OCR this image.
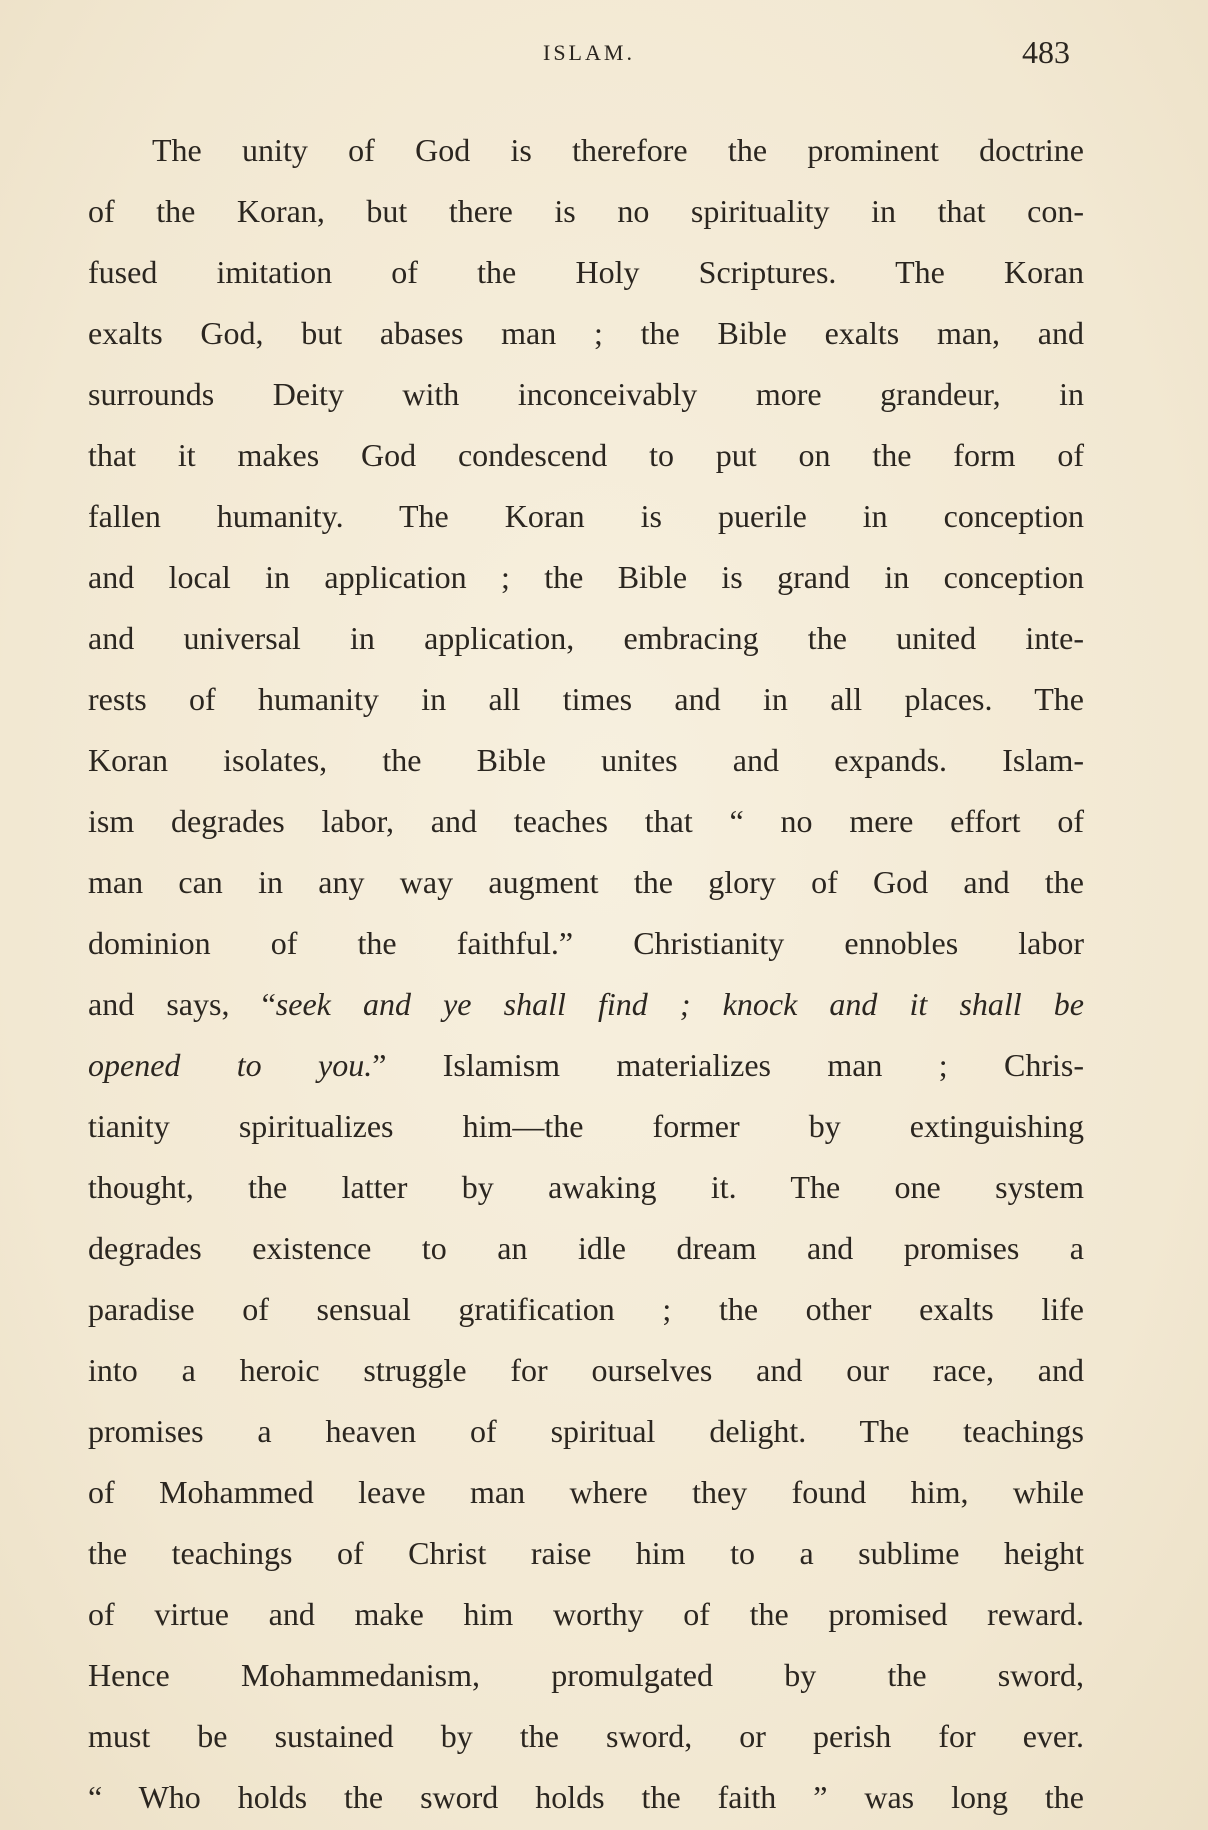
ISLAM.	483
The unity of God is therefore the prominent doctrine
of the Koran, but there is no spirituality in that con-
fused imitation of the Holy Scriptures. The Koran
exalts God, but abases man ; the Bible exalts man, and
surrounds Deity with inconceivably more grandeur, in
that it makes God condescend to put on the form of
fallen humanity. The Koran is puerile in conception
and local in application ; the Bible is grand in conception
and universal in application, embracing the united inte-
rests of humanity in all times and in all places. The
Koran isolates, the Bible unites and expands. Islam-
ism degrades labor, and teaches that “ no mere effort of
man can in any way augment the glory of God and the
dominion of the faithful.” Christianity ennobles labor
and says, “seek and ye shall find ; knock and it shall be
opened to you.” Islamism materializes man ; Chris-
tianity spiritualizes him—the former by extinguishing
thought, the latter by awaking it. The one system
degrades existence to an idle dream and promises a
paradise of sensual gratification ; the other exalts life
into a heroic struggle for ourselves and our race, and
promises a heaven of spiritual delight. The teachings
of Mohammed leave man where they found him, while
the teachings of Christ raise him to a sublime height
of virtue and make him worthy of the promised reward.
Hence Mohammedanism, promulgated by the sword,
must be sustained by the sword, or perish for ever.
“ Who holds the sword holds the faith ” was long the
